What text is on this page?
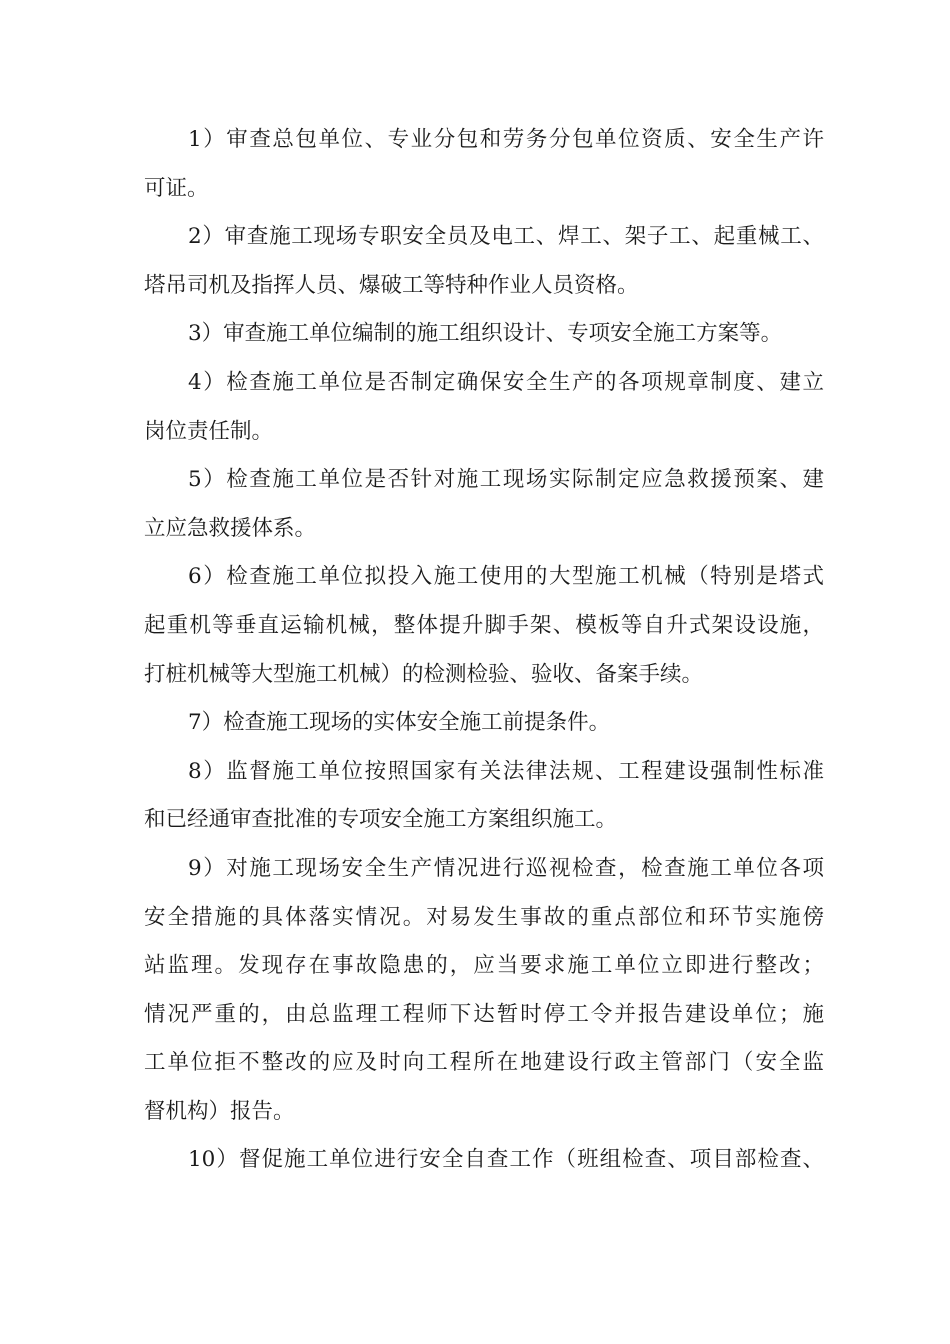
1）审查总包单位、专业分包和劳务分包单位资质、安全生产许

可证。

2）审查施工现场专职安全员及电工、焊工、架子工、起重械工、

塔吊司机及指挥人员、爆破工等特种作业人员资格。

3）审查施工单位编制的施工组织设计、专项安全施工方案等。

4）检查施工单位是否制定确保安全生产的各项规章制度、建立

岗位责任制。

5）检查施工单位是否针对施工现场实际制定应急救援预案、建

立应急救援体系。

6）检查施工单位拟投入施工使用的大型施工机械（特别是塔式

起重机等垂直运输机械，整体提升脚手架、模板等自升式架设设施，

打桩机械等大型施工机械）的检测检验、验收、备案手续。

7）检查施工现场的实体安全施工前提条件。

8）监督施工单位按照国家有关法律法规、工程建设强制性标准

和已经通审查批准的专项安全施工方案组织施工。

9）对施工现场安全生产情况进行巡视检查，检查施工单位各项

安全措施的具体落实情况。对易发生事故的重点部位和环节实施傍

站监理。发现存在事故隐患的，应当要求施工单位立即进行整改；

情况严重的，由总监理工程师下达暂时停工令并报告建设单位；施

工单位拒不整改的应及时向工程所在地建设行政主管部门（安全监

督机构）报告。

10）督促施工单位进行安全自查工作（班组检查、项目部检查、
